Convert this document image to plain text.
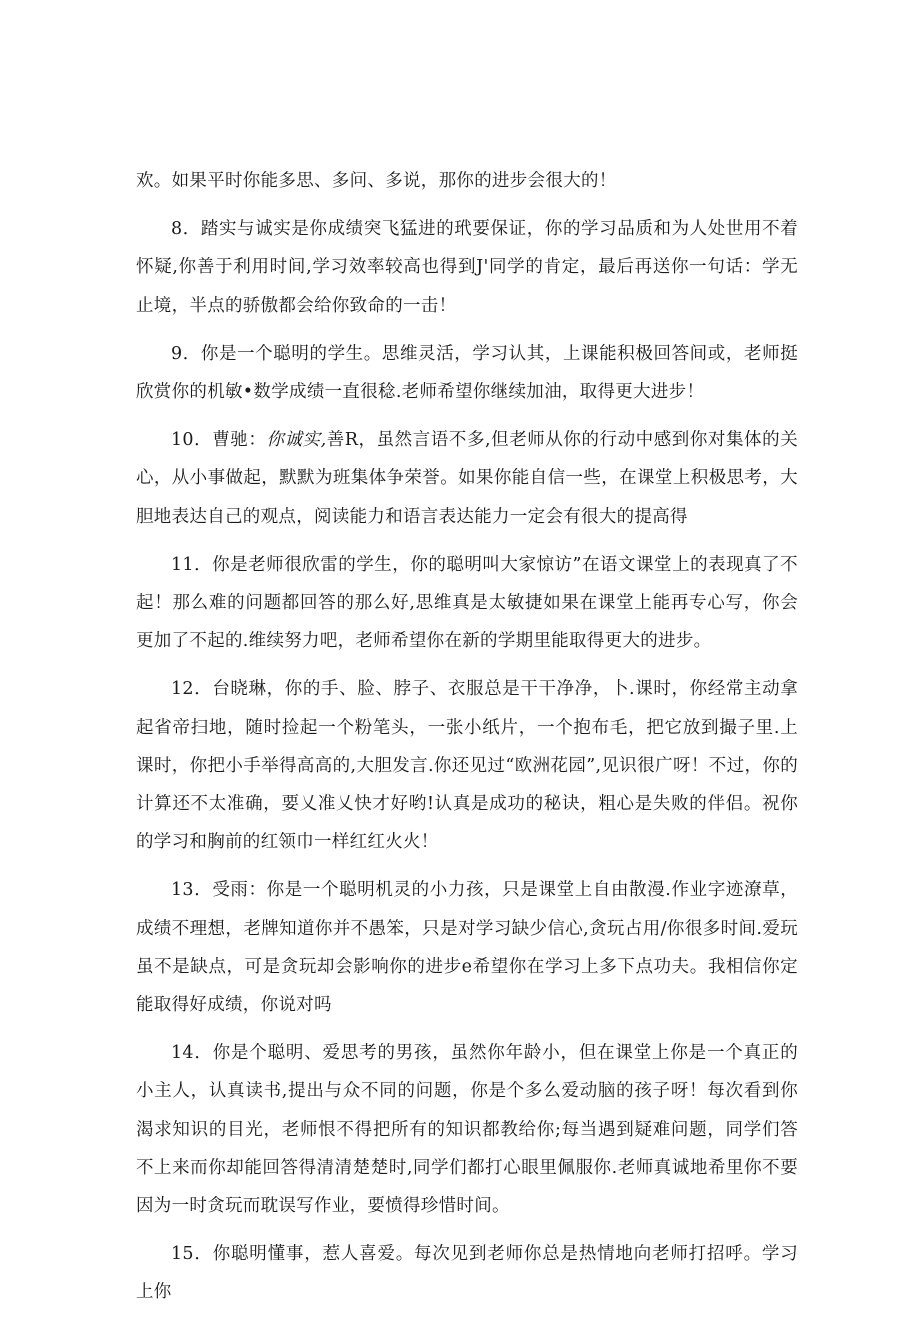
欢。如果平时你能多思、多问、多说，那你的进步会很大的！

8．踏实与诚实是你成绩突飞猛进的玳要保证，你的学习品质和为人处世用不着怀疑,你善于利用时间,学习效率较高也得到J'同学的肯定，最后再送你一句话：学无止境，半点的骄傲都会给你致命的一击！

9．你是一个聪明的学生。思维灵活，学习认其，上课能积极回答间或，老师挺欣赏你的机敏•数学成绩一直很稔.老师希望你继续加油，取得更大进步！

10．曹驰：你诚实,善R，虽然言语不多,但老师从你的行动中感到你对集体的关心，从小事做起，默默为班集体争荣誉。如果你能自信一些，在课堂上积极思考，大胆地表达自己的观点，阅读能力和语言表达能力一定会有很大的提高得

11．你是老师很欣雷的学生，你的聪明叫大家惊访”在语文课堂上的表现真了不起！那么难的问题都回答的那么好,思维真是太敏捷如果在课堂上能再专心写，你会更加了不起的.维续努力吧，老师希望你在新的学期里能取得更大的进步。

12．台晓琳，你的手、脸、脖子、衣服总是干干净净，卜.课时，你经常主动拿起省帝扫地，随时捡起一个粉笔头，一张小纸片，一个抱布毛，把它放到撮子里.上课时，你把小手举得高高的,大胆发言.你还见过“欧洲花园”,见识很广呀！不过，你的计算还不太准确，要乂准乂快才好哟!认真是成功的秘诀，粗心是失败的伴侣。祝你的学习和胸前的红领巾一样红红火火！

13．受雨：你是一个聪明机灵的小力孩，只是课堂上自由散漫.作业字迹潦草，成绩不理想，老牌知道你并不愚笨，只是对学习缺少信心,贪玩占用/你很多时间.爱玩虽不是缺点，可是贪玩却会影响你的进步e希望你在学习上多下点功夫。我相信你定能取得好成绩，你说对吗

14．你是个聪明、爱思考的男孩，虽然你年龄小，但在课堂上你是一个真正的小主人，认真读书,提出与众不同的问题，你是个多么爱动脑的孩子呀！每次看到你渴求知识的目光，老师恨不得把所有的知识都教给你;每当遇到疑难问题，同学们答不上来而你却能回答得清清楚楚时,同学们都打心眼里佩服你.老师真诚地希里你不要因为一时贪玩而耽误写作业，要愤得珍惜时间。

15．你聪明懂事，惹人喜爱。每次见到老师你总是热情地向老师打招呼。学习上你
